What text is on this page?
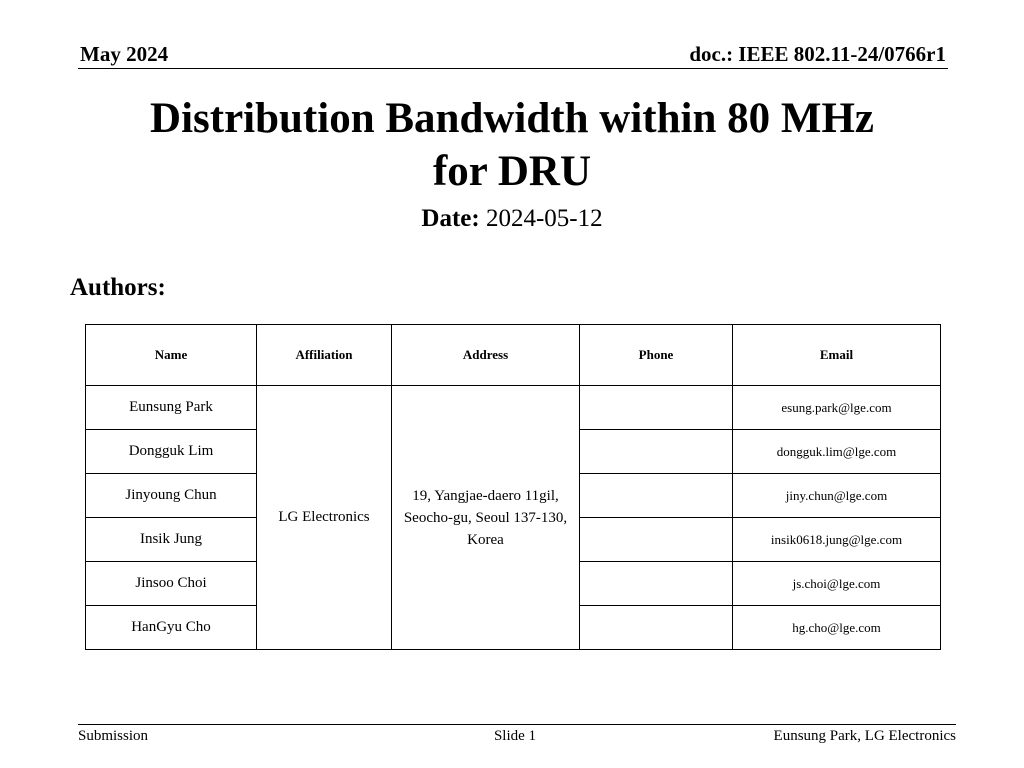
May 2024	doc.: IEEE 802.11-24/0766r1
Distribution Bandwidth within 80 MHz
for DRU
Date: 2024-05-12
Authors:
Name	Affiliation	Address	Phone	Email
Eunsung Park	LG Electronics	19, Yangjae-daero 11gil, Seocho-gu, Seoul 137-130, Korea		esung.park@lge.com
Dongguk Lim				dongguk.lim@lge.com
Jinyoung Chun				jiny.chun@lge.com
Insik Jung				insik0618.jung@lge.com
Jinsoo Choi				js.choi@lge.com
HanGyu Cho				hg.cho@lge.com
Submission	Slide 1	Eunsung Park, LG Electronics
